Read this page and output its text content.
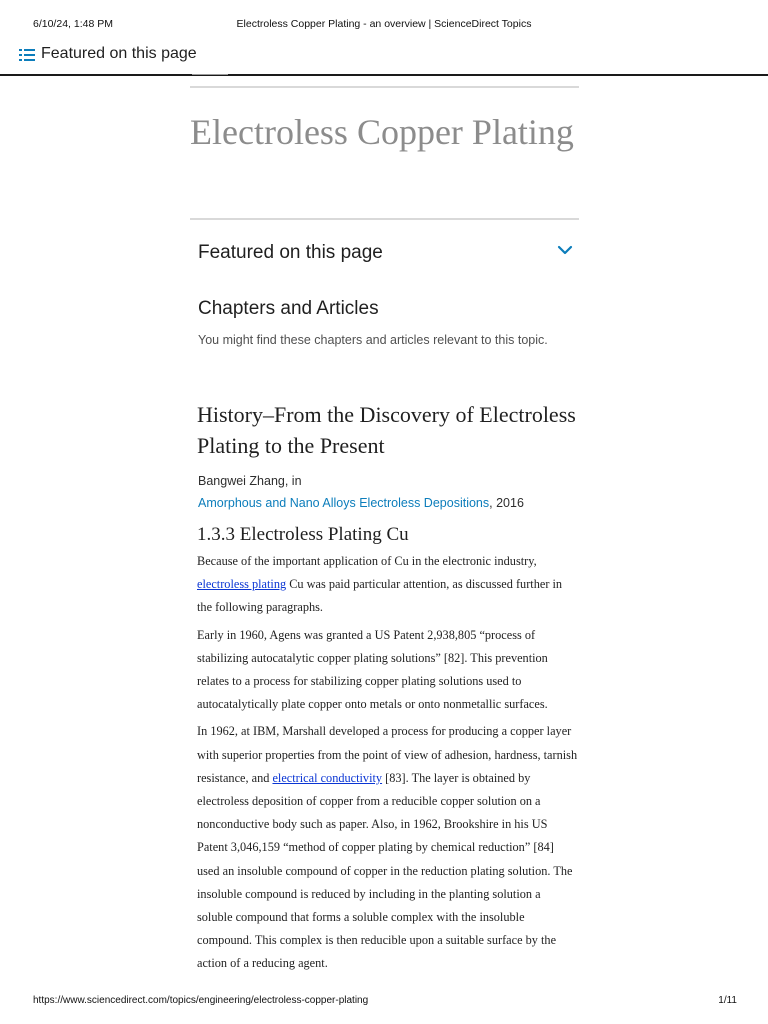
6/10/24, 1:48 PM	Electroless Copper Plating - an overview | ScienceDirect Topics
Featured on this page
Electroless Copper Plating
Featured on this page
Chapters and Articles
You might find these chapters and articles relevant to this topic.
History–From the Discovery of Electroless Plating to the Present
Bangwei Zhang, in
Amorphous and Nano Alloys Electroless Depositions, 2016
1.3.3 Electroless Plating Cu

Because of the important application of Cu in the electronic industry, electroless plating Cu was paid particular attention, as discussed further in the following paragraphs.

Early in 1960, Agens was granted a US Patent 2,938,805 “process of stabilizing autocatalytic copper plating solutions” [82]. This prevention relates to a process for stabilizing copper plating solutions used to autocatalytically plate copper onto metals or onto nonmetallic surfaces.

In 1962, at IBM, Marshall developed a process for producing a copper layer with superior properties from the point of view of adhesion, hardness, tarnish resistance, and electrical conductivity [83]. The layer is obtained by electroless deposition of copper from a reducible copper solution on a nonconductive body such as paper. Also, in 1962, Brookshire in his US Patent 3,046,159 “method of copper plating by chemical reduction” [84] used an insoluble compound of copper in the reduction plating solution. The insoluble compound is reduced by including in the planting solution a soluble compound that forms a soluble complex with the insoluble compound. This complex is then reducible upon a suitable surface by the action of a reducing agent.

https://www.sciencedirect.com/topics/engineering/electroless-copper-plating	1/11
